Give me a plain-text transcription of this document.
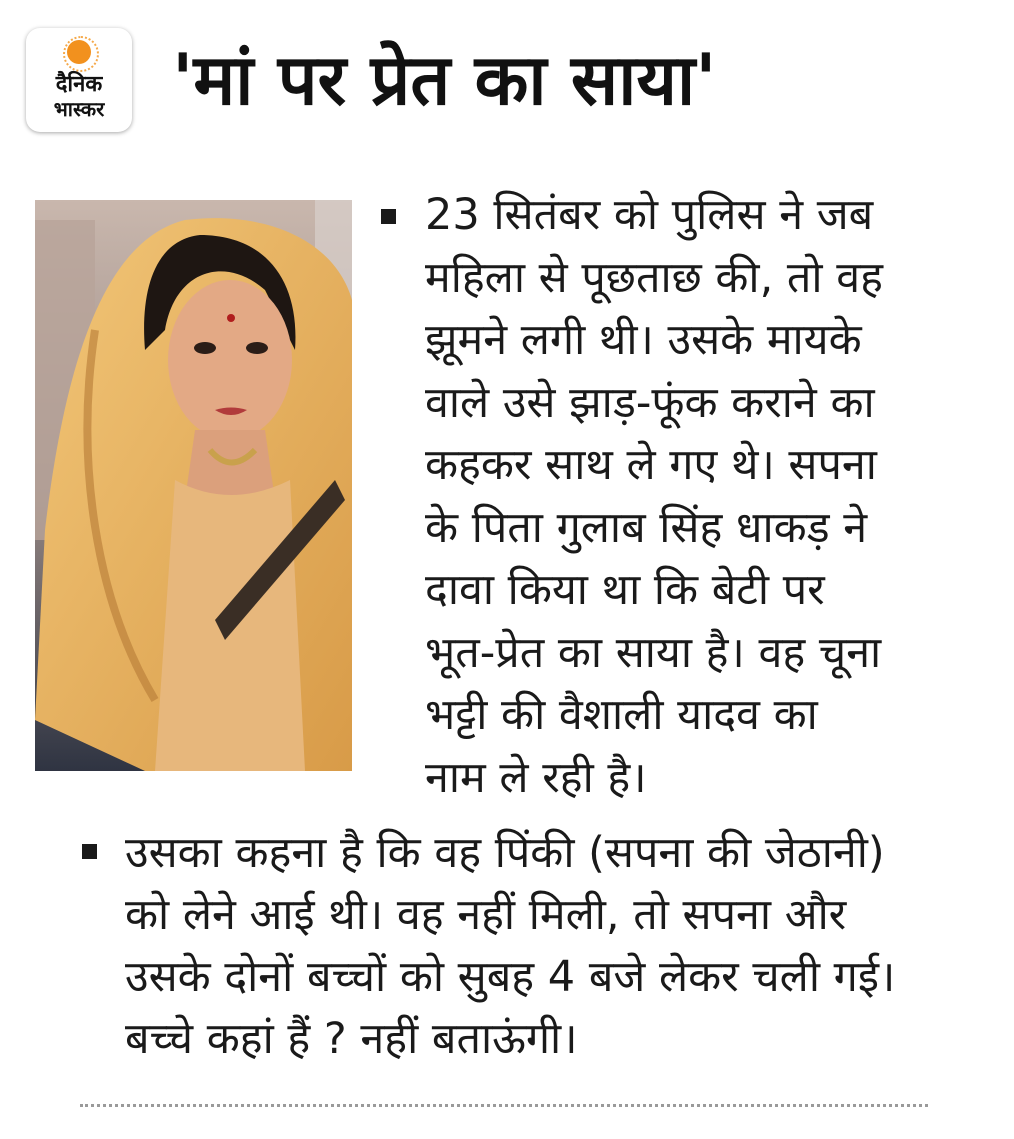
दैनिक
भास्कर 'मां पर प्रेत का साया'
23 सितंबर को पुलिस ने जब
महिला से पूछताछ की, तो वह
झूमने लगी थी। उसके मायके
वाले उसे झाड़-फूंक कराने का
कहकर साथ ले गए थे। सपना
के पिता गुलाब सिंह धाकड़ ने
दावा किया था कि बेटी पर
भूत-प्रेत का साया है। वह चूना
भट्टी की वैशाली यादव का
नाम ले रही है।
उसका कहना है कि वह पिंकी (सपना की जेठानी)
को लेने आई थी। वह नहीं मिली, तो सपना और
उसके दोनों बच्चों को सुबह 4 बजे लेकर चली गई।
बच्चे कहां हैं ? नहीं बताऊंगी।
